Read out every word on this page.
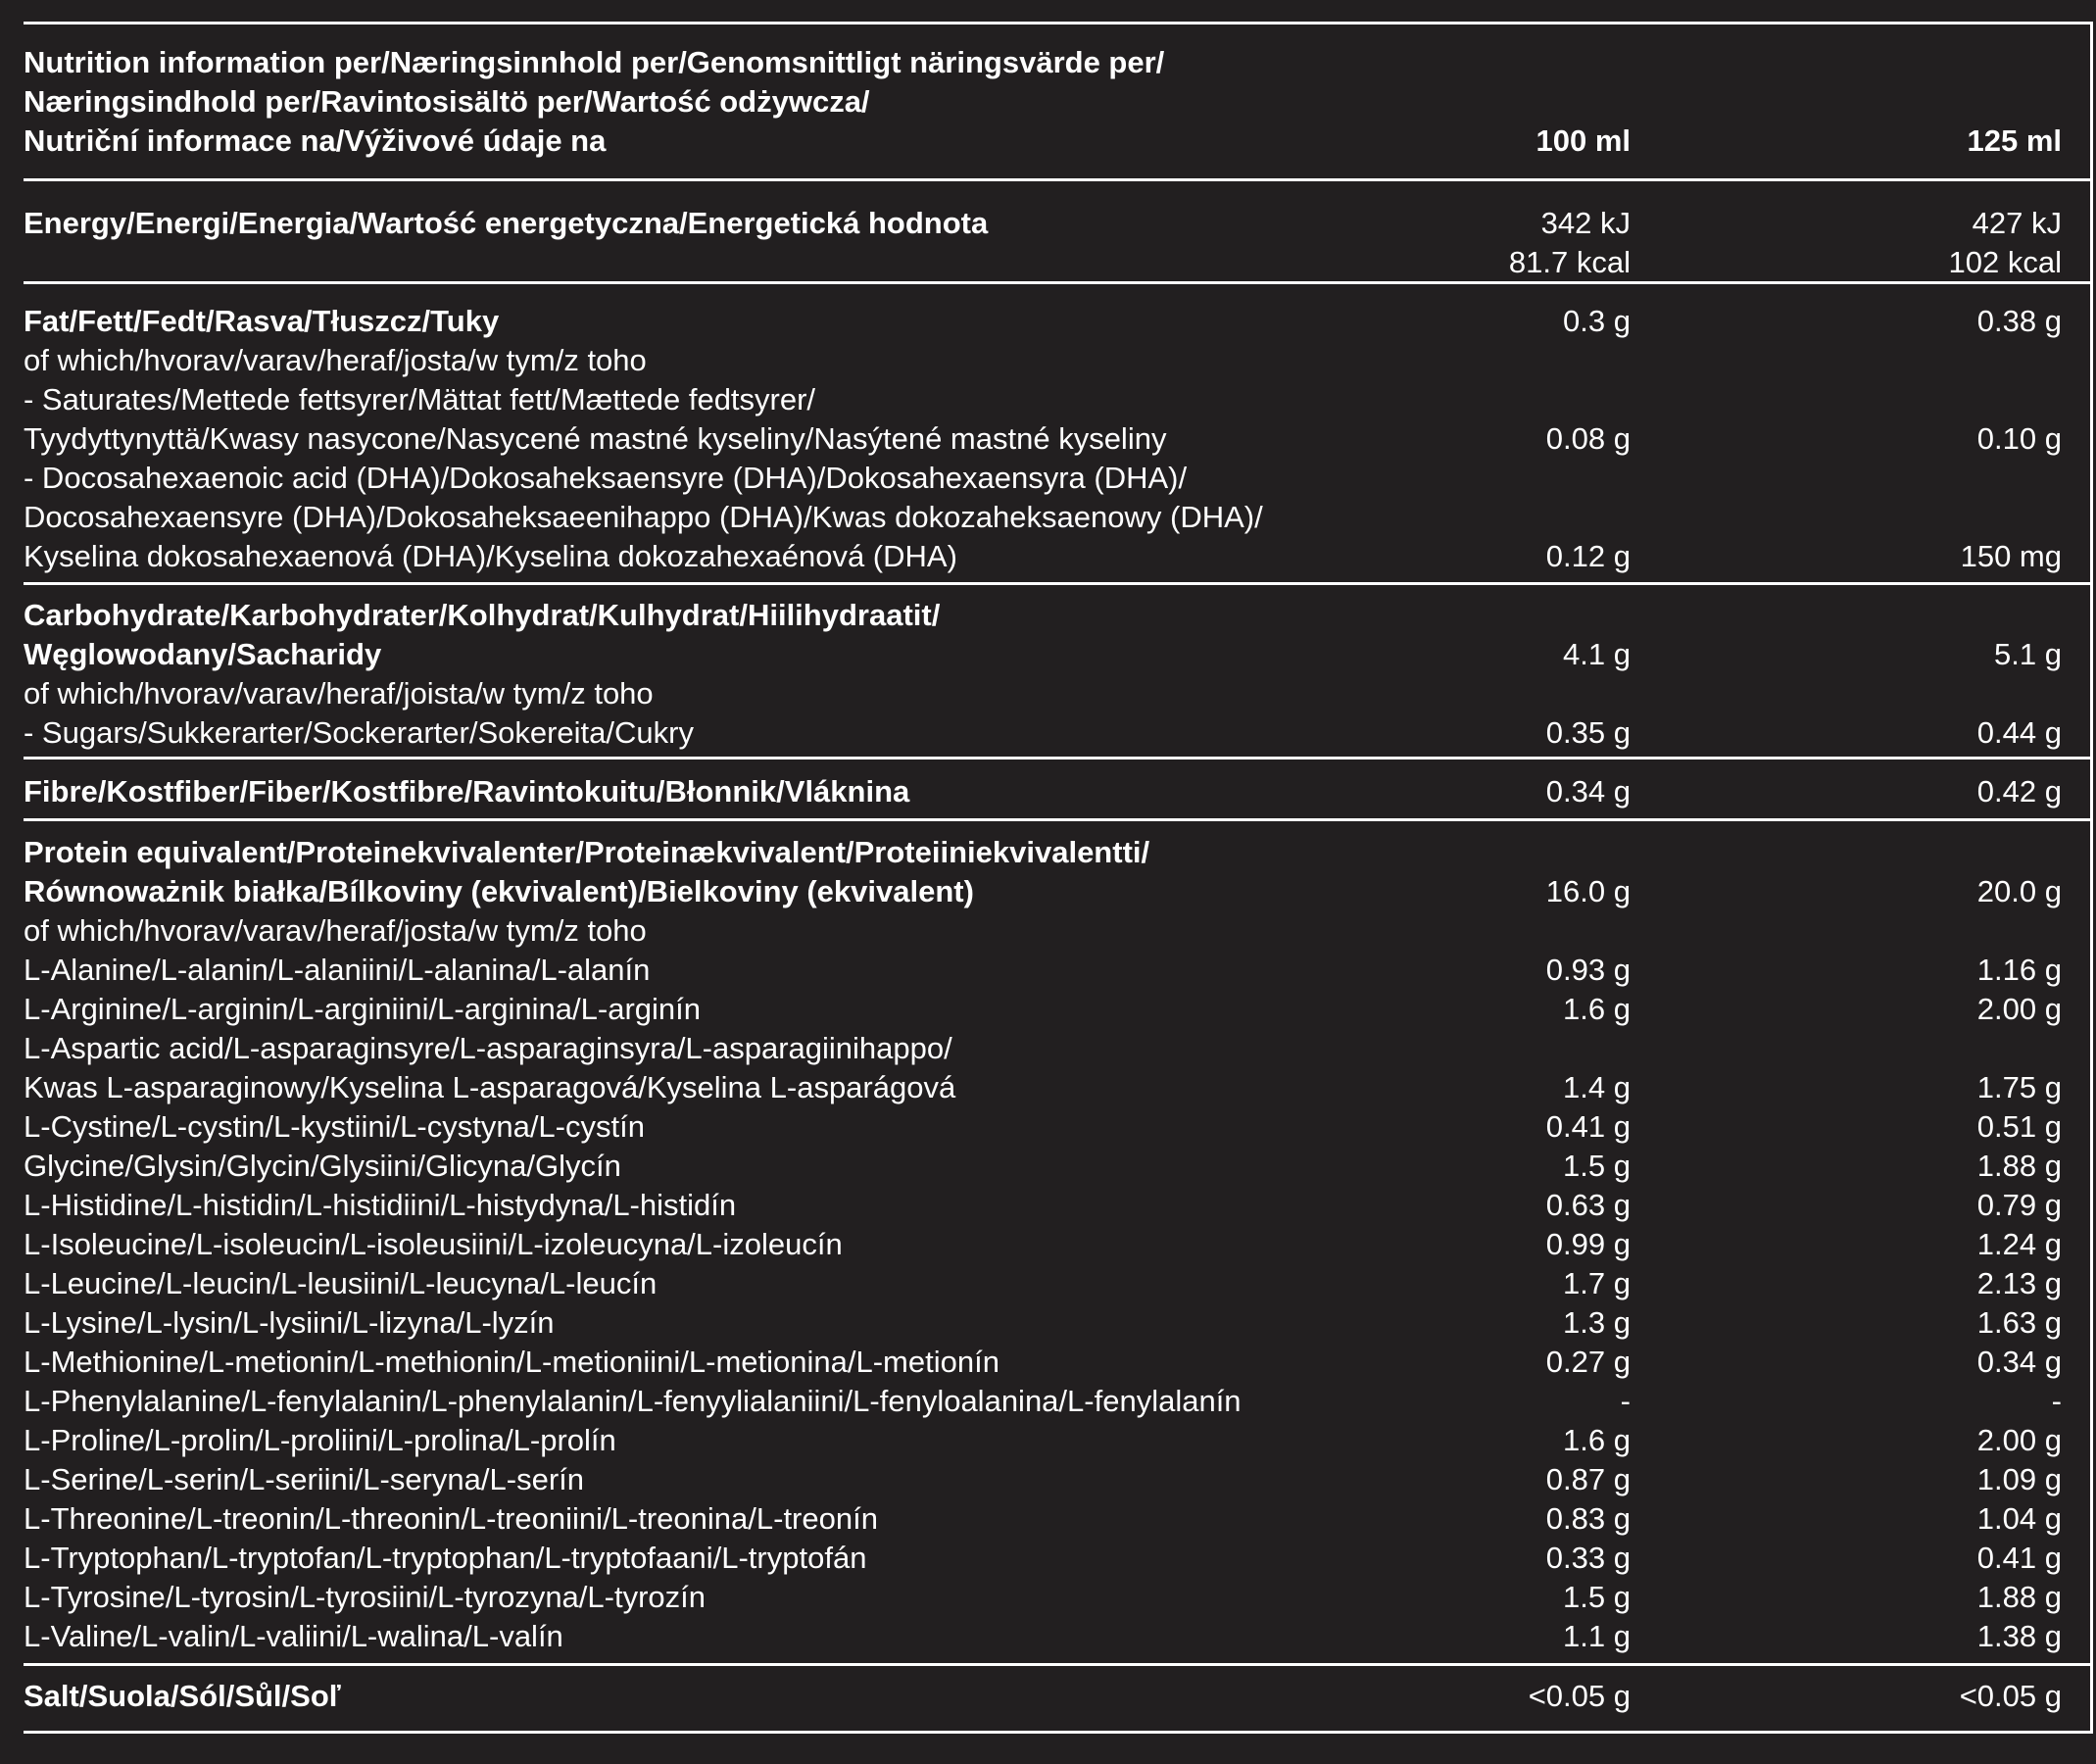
Nutrition information per/Næringsinnhold per/Genomsnittligt näringsvärde per/
Næringsindhold per/Ravintosisältö per/Wartość odżywcza/
Nutriční informace na/Výživové údaje na	100 ml	125 ml
Energy/Energi/Energia/Wartość energetyczna/Energetická hodnota	342 kJ	427 kJ
81.7 kcal	102 kcal
Fat/Fett/Fedt/Rasva/Tłuszcz/Tuky	0.3 g	0.38 g
of which/hvorav/varav/heraf/josta/w tym/z toho
- Saturates/Mettede fettsyrer/Mättat fett/Mættede fedtsyrer/
Tyydyttynyttä/Kwasy nasycone/Nasycené mastné kyseliny/Nasýtené mastné kyseliny	0.08 g	0.10 g
- Docosahexaenoic acid (DHA)/Dokosaheksaensyre (DHA)/Dokosahexaensyra (DHA)/
Docosahexaensyre (DHA)/Dokosaheksaeenihappo (DHA)/Kwas dokozaheksaenowy (DHA)/
Kyselina dokosahexaenová (DHA)/Kyselina dokozahexaénová (DHA)	0.12 g	150 mg
Carbohydrate/Karbohydrater/Kolhydrat/Kulhydrat/Hiilihydraatit/
Węglowodany/Sacharidy	4.1 g	5.1 g
of which/hvorav/varav/heraf/joista/w tym/z toho
- Sugars/Sukkerarter/Sockerarter/Sokereita/Cukry	0.35 g	0.44 g
Fibre/Kostfiber/Fiber/Kostfibre/Ravintokuitu/Błonnik/Vláknina	0.34 g	0.42 g
Protein equivalent/Proteinekvivalenter/Proteinækvivalent/Proteiiniekvivalentti/
Równoważnik białka/Bílkoviny (ekvivalent)/Bielkoviny (ekvivalent)	16.0 g	20.0 g
of which/hvorav/varav/heraf/josta/w tym/z toho
L-Alanine/L-alanin/L-alaniini/L-alanina/L-alanín	0.93 g	1.16 g
L-Arginine/L-arginin/L-arginiini/L-arginina/L-arginín	1.6 g	2.00 g
L-Aspartic acid/L-asparaginsyre/L-asparaginsyra/L-asparagiinihappo/
Kwas L-asparaginowy/Kyselina L-asparagová/Kyselina L-asparágová	1.4 g	1.75 g
L-Cystine/L-cystin/L-kystiini/L-cystyna/L-cystín	0.41 g	0.51 g
Glycine/Glysin/Glycin/Glysiini/Glicyna/Glycín	1.5 g	1.88 g
L-Histidine/L-histidin/L-histidiini/L-histydyna/L-histidín	0.63 g	0.79 g
L-Isoleucine/L-isoleucin/L-isoleusiini/L-izoleucyna/L-izoleucín	0.99 g	1.24 g
L-Leucine/L-leucin/L-leusiini/L-leucyna/L-leucín	1.7 g	2.13 g
L-Lysine/L-lysin/L-lysiini/L-lizyna/L-lyzín	1.3 g	1.63 g
L-Methionine/L-metionin/L-methionin/L-metioniini/L-metionina/L-metionín	0.27 g	0.34 g
L-Phenylalanine/L-fenylalanin/L-phenylalanin/L-fenyylialaniini/L-fenyloalanina/L-fenylalanín	-	-
L-Proline/L-prolin/L-proliini/L-prolina/L-prolín	1.6 g	2.00 g
L-Serine/L-serin/L-seriini/L-seryna/L-serín	0.87 g	1.09 g
L-Threonine/L-treonin/L-threonin/L-treoniini/L-treonina/L-treonín	0.83 g	1.04 g
L-Tryptophan/L-tryptofan/L-tryptophan/L-tryptofaani/L-tryptofán	0.33 g	0.41 g
L-Tyrosine/L-tyrosin/L-tyrosiini/L-tyrozyna/L-tyrozín	1.5 g	1.88 g
L-Valine/L-valin/L-valiini/L-walina/L-valín	1.1 g	1.38 g
Salt/Suola/Sól/Sůl/Soľ	<0.05 g	<0.05 g
